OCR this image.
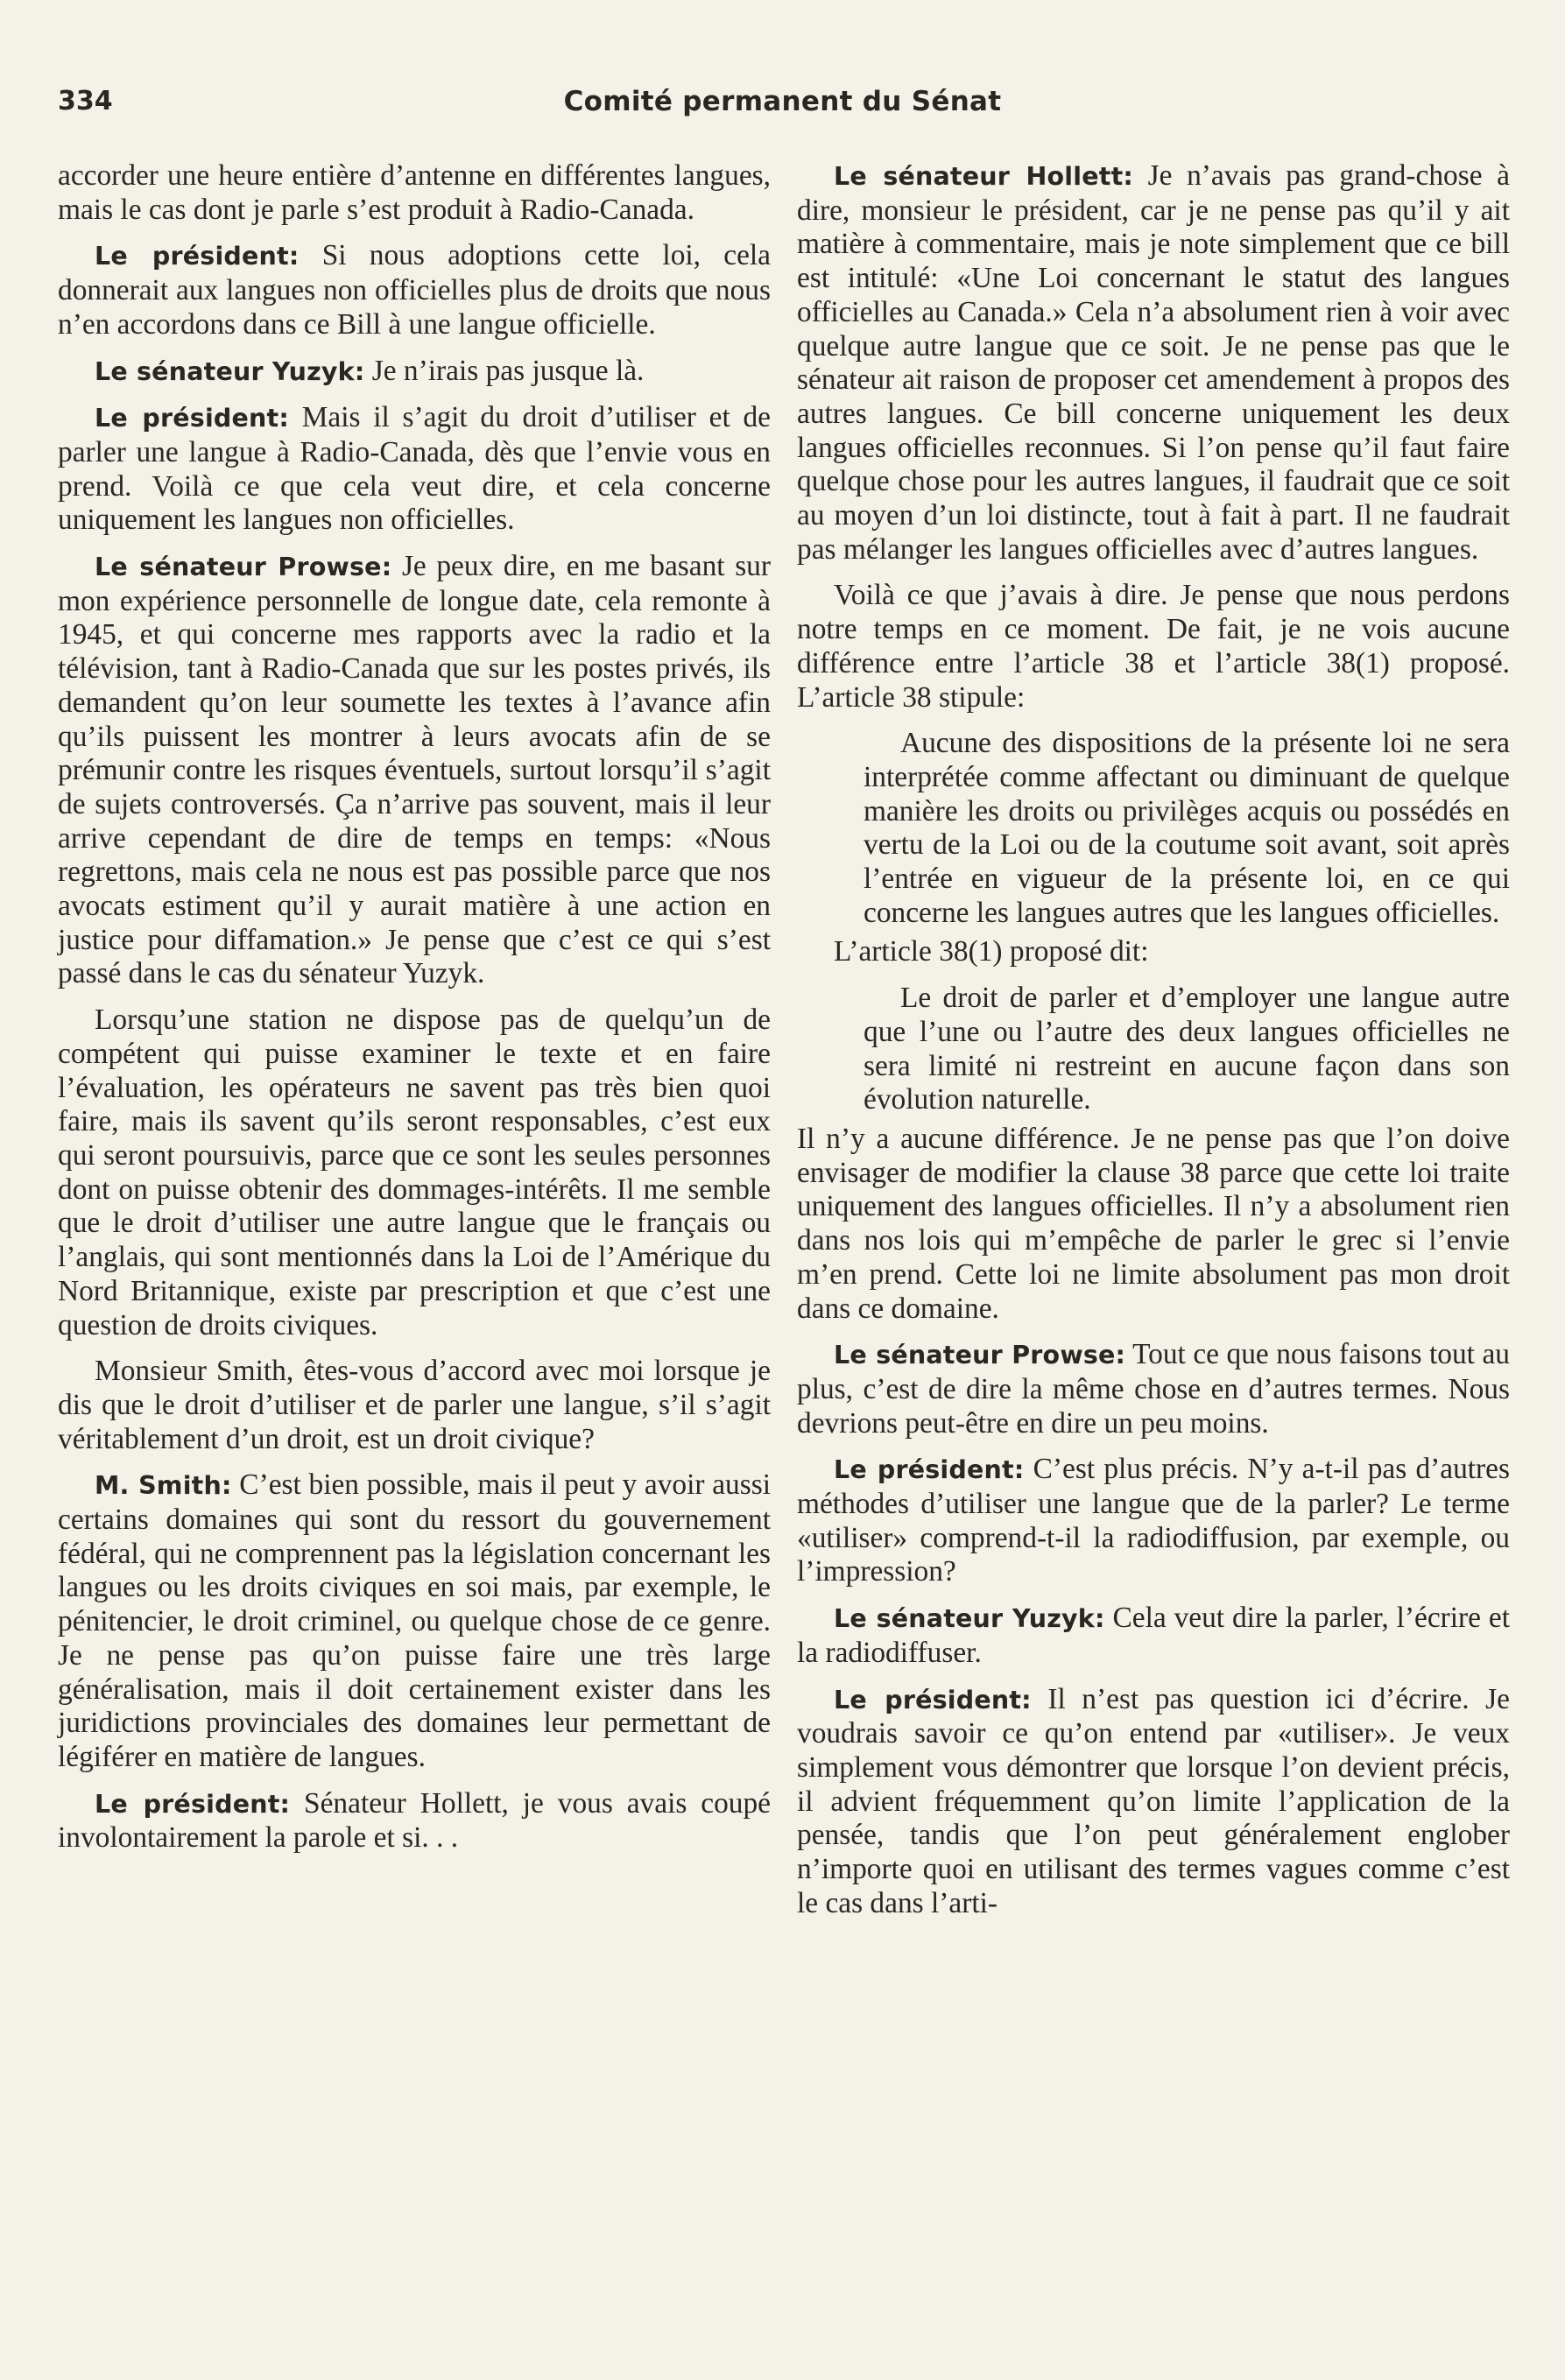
334	Comité permanent du Sénat

accorder une heure entière d’antenne en différentes langues, mais le cas dont je parle s’est produit à Radio-Canada.

Le président: Si nous adoptions cette loi, cela donnerait aux langues non officielles plus de droits que nous n’en accordons dans ce Bill à une langue officielle.

Le sénateur Yuzyk: Je n’irais pas jusque là.

Le président: Mais il s’agit du droit d’utiliser et de parler une langue à Radio-Canada, dès que l’envie vous en prend. Voilà ce que cela veut dire, et cela concerne uniquement les langues non officielles.

Le sénateur Prowse: Je peux dire, en me basant sur mon expérience personnelle de longue date, cela remonte à 1945, et qui concerne mes rapports avec la radio et la télévision, tant à Radio-Canada que sur les postes privés, ils demandent qu’on leur soumette les textes à l’avance afin qu’ils puissent les montrer à leurs avocats afin de se prémunir contre les risques éventuels, surtout lorsqu’il s’agit de sujets controversés. Ça n’arrive pas souvent, mais il leur arrive cependant de dire de temps en temps: «Nous regrettons, mais cela ne nous est pas possible parce que nos avocats estiment qu’il y aurait matière à une action en justice pour diffamation.» Je pense que c’est ce qui s’est passé dans le cas du sénateur Yuzyk.

Lorsqu’une station ne dispose pas de quelqu’un de compétent qui puisse examiner le texte et en faire l’évaluation, les opérateurs ne savent pas très bien quoi faire, mais ils savent qu’ils seront responsables, c’est eux qui seront poursuivis, parce que ce sont les seules personnes dont on puisse obtenir des dommages-intérêts. Il me semble que le droit d’utiliser une autre langue que le français ou l’anglais, qui sont mentionnés dans la Loi de l’Amérique du Nord Britannique, existe par prescription et que c’est une question de droits civiques.

Monsieur Smith, êtes-vous d’accord avec moi lorsque je dis que le droit d’utiliser et de parler une langue, s’il s’agit véritablement d’un droit, est un droit civique?

M. Smith: C’est bien possible, mais il peut y avoir aussi certains domaines qui sont du ressort du gouvernement fédéral, qui ne comprennent pas la législation concernant les langues ou les droits civiques en soi mais, par exemple, le pénitencier, le droit criminel, ou quelque chose de ce genre. Je ne pense pas qu’on puisse faire une très large généralisation, mais il doit certainement exister dans les juridictions provinciales des domaines leur permettant de légiférer en matière de langues.

Le président: Sénateur Hollett, je vous avais coupé involontairement la parole et si. . .

Le sénateur Hollett: Je n’avais pas grand-chose à dire, monsieur le président, car je ne pense pas qu’il y ait matière à commentaire, mais je note simplement que ce bill est intitulé: «Une Loi concernant le statut des langues officielles au Canada.» Cela n’a absolument rien à voir avec quelque autre langue que ce soit. Je ne pense pas que le sénateur ait raison de proposer cet amendement à propos des autres langues. Ce bill concerne uniquement les deux langues officielles reconnues. Si l’on pense qu’il faut faire quelque chose pour les autres langues, il faudrait que ce soit au moyen d’un loi distincte, tout à fait à part. Il ne faudrait pas mélanger les langues officielles avec d’autres langues.

Voilà ce que j’avais à dire. Je pense que nous perdons notre temps en ce moment. De fait, je ne vois aucune différence entre l’article 38 et l’article 38(1) proposé. L’article 38 stipule:

Aucune des dispositions de la présente loi ne sera interprétée comme affectant ou diminuant de quelque manière les droits ou privilèges acquis ou possédés en vertu de la Loi ou de la coutume soit avant, soit après l’entrée en vigueur de la présente loi, en ce qui concerne les langues autres que les langues officielles.

L’article 38(1) proposé dit:

Le droit de parler et d’employer une langue autre que l’une ou l’autre des deux langues officielles ne sera limité ni restreint en aucune façon dans son évolution naturelle.

Il n’y a aucune différence. Je ne pense pas que l’on doive envisager de modifier la clause 38 parce que cette loi traite uniquement des langues officielles. Il n’y a absolument rien dans nos lois qui m’empêche de parler le grec si l’envie m’en prend. Cette loi ne limite absolument pas mon droit dans ce domaine.

Le sénateur Prowse: Tout ce que nous faisons tout au plus, c’est de dire la même chose en d’autres termes. Nous devrions peut-être en dire un peu moins.

Le président: C’est plus précis. N’y a-t-il pas d’autres méthodes d’utiliser une langue que de la parler? Le terme «utiliser» comprend-t-il la radiodiffusion, par exemple, ou l’impression?

Le sénateur Yuzyk: Cela veut dire la parler, l’écrire et la radiodiffuser.

Le président: Il n’est pas question ici d’écrire. Je voudrais savoir ce qu’on entend par «utiliser». Je veux simplement vous démontrer que lorsque l’on devient précis, il advient fréquemment qu’on limite l’application de la pensée, tandis que l’on peut généralement englober n’importe quoi en utilisant des termes vagues comme c’est le cas dans l’arti-
